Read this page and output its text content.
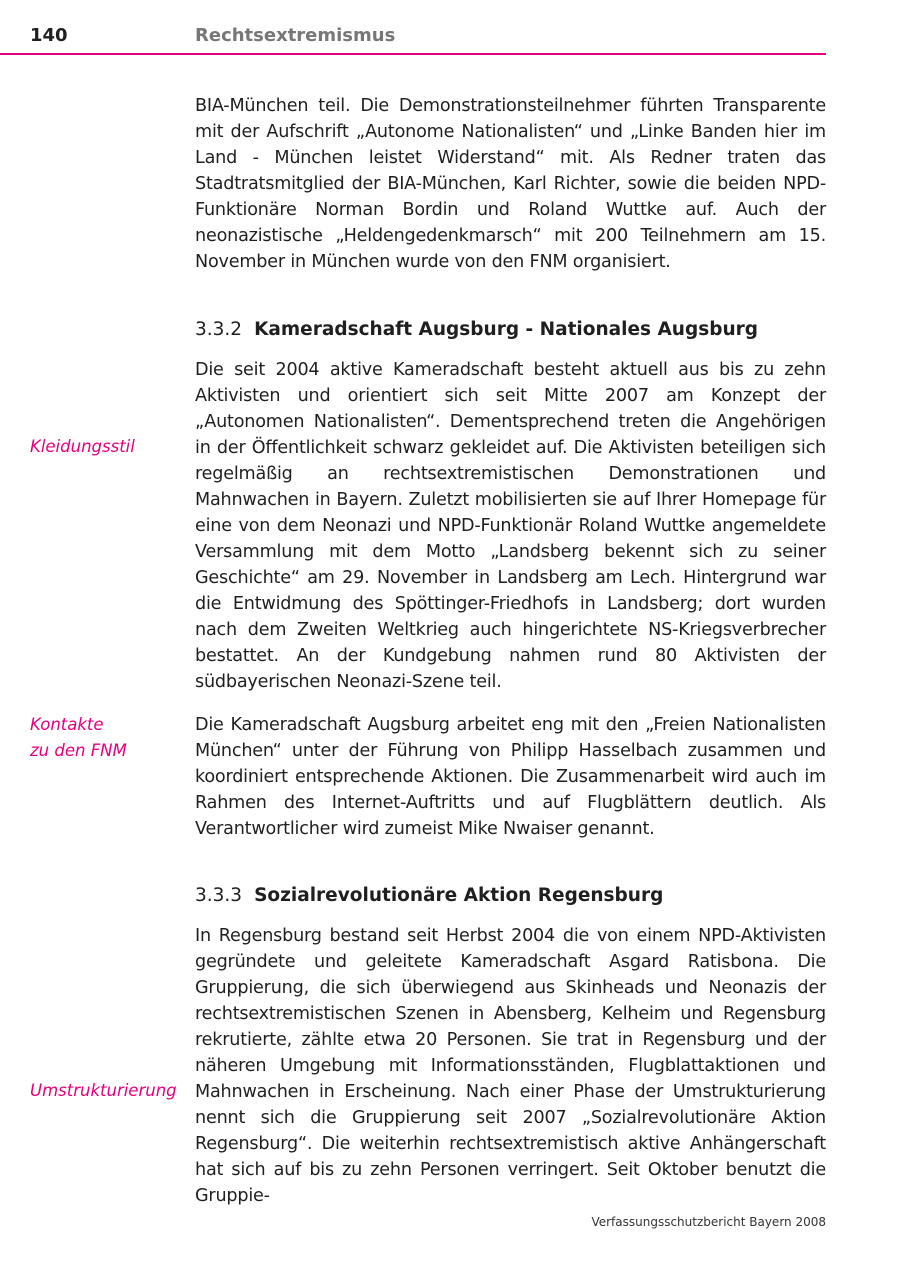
140	Rechtsextremismus

BIA-München teil. Die Demonstrationsteilnehmer führten Transparente mit der Aufschrift „Autonome Nationalisten“ und „Linke Banden hier im Land - München leistet Widerstand“ mit. Als Redner traten das Stadtratsmitglied der BIA-München, Karl Richter, sowie die beiden NPD-Funktionäre Norman Bordin und Roland Wuttke auf. Auch der neonazistische „Heldengedenkmarsch“ mit 200 Teilnehmern am 15. November in München wurde von den FNM organisiert.

3.3.2 Kameradschaft Augsburg - Nationales Augsburg

Die seit 2004 aktive Kameradschaft besteht aktuell aus bis zu zehn Aktivisten und orientiert sich seit Mitte 2007 am Konzept der „Autonomen Nationalisten“. Dementsprechend treten die Angehörigen in der Öffentlichkeit schwarz gekleidet auf. Die Aktivisten beteiligen sich regelmäßig an rechtsextremistischen Demonstrationen und Mahnwachen in Bayern. Zuletzt mobilisierten sie auf Ihrer Homepage für eine von dem Neonazi und NPD-Funktionär Roland Wuttke angemeldete Versammlung mit dem Motto „Landsberg bekennt sich zu seiner Geschichte“ am 29. November in Landsberg am Lech. Hintergrund war die Entwidmung des Spöttinger-Friedhofs in Landsberg; dort wurden nach dem Zweiten Weltkrieg auch hingerichtete NS-Kriegsverbrecher bestattet. An der Kundgebung nahmen rund 80 Aktivisten der südbayerischen Neonazi-Szene teil.

Die Kameradschaft Augsburg arbeitet eng mit den „Freien Nationalisten München“ unter der Führung von Philipp Hasselbach zusammen und koordiniert entsprechende Aktionen. Die Zusammenarbeit wird auch im Rahmen des Internet-Auftritts und auf Flugblättern deutlich. Als Verantwortlicher wird zumeist Mike Nwaiser genannt.

3.3.3 Sozialrevolutionäre Aktion Regensburg

In Regensburg bestand seit Herbst 2004 die von einem NPD-Aktivisten gegründete und geleitete Kameradschaft Asgard Ratisbona. Die Gruppierung, die sich überwiegend aus Skinheads und Neonazis der rechtsextremistischen Szenen in Abensberg, Kelheim und Regensburg rekrutierte, zählte etwa 20 Personen. Sie trat in Regensburg und der näheren Umgebung mit Informationsständen, Flugblattaktionen und Mahnwachen in Erscheinung. Nach einer Phase der Umstrukturierung nennt sich die Gruppierung seit 2007 „Sozialrevolutionäre Aktion Regensburg“. Die weiterhin rechtsextremistisch aktive Anhängerschaft hat sich auf bis zu zehn Personen verringert. Seit Oktober benutzt die Gruppie-

Kleidungsstil
Kontakte
zu den FNM
Umstrukturierung
Verfassungsschutzbericht Bayern 2008
